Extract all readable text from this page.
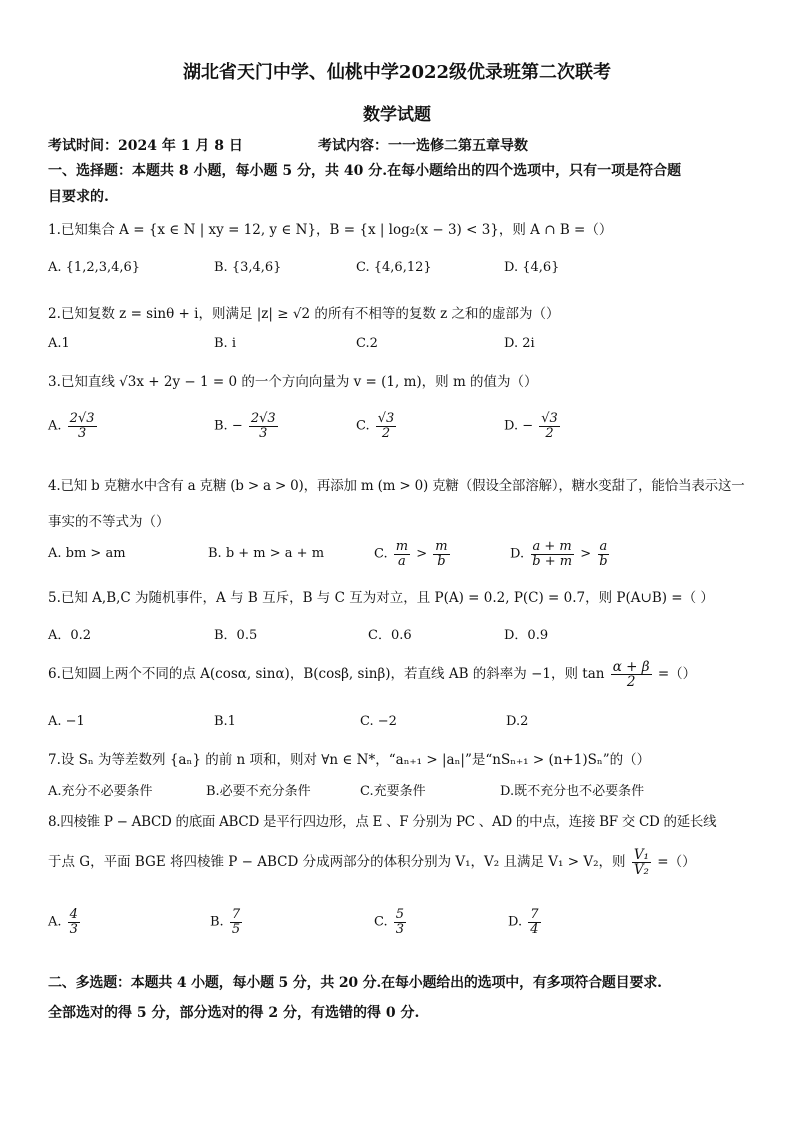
湖北省天门中学、仙桃中学2022级优录班第二次联考
数学试题
考试时间：2024 年 1 月 8 日	考试内容：一一选修二第五章导数
一、选择题：本题共 8 小题，每小题 5 分，共 40 分.在每小题给出的四个选项中，只有一项是符合题
目要求的.
1.已知集合 A = {x ∈ N | xy = 12, y ∈ N}，B = {x | log₂(x − 3) < 3}，则 A ∩ B =（）
A. {1,2,3,4,6}	B. {3,4,6}	C. {4,6,12}	D. {4,6}
2.已知复数 z = sinθ + i，则满足 |z| ≥ √2 的所有不相等的复数 z 之和的虚部为（）
A.1	B. i	C.2	D. 2i
3.已知直线 √3x + 2y − 1 = 0 的一个方向向量为 v = (1, m)，则 m 的值为（）
A. $\frac{2√3}{3}$	B. − $\frac{2√3}{3}$	C. $\frac{√3}{2}$	D. − $\frac{√3}{2}$
4.已知 b 克糖水中含有 a 克糖 (b > a > 0)，再添加 m (m > 0) 克糖（假设全部溶解），糖水变甜了，能恰当表示这一
事实的不等式为（）
A. bm > am	B. b + m > a + m	C. $\frac{m}{a} > \frac{m}{b}$	D. $\frac{a + m}{b + m} > \frac{a}{b}$
5.已知 A,B,C 为随机事件，A 与 B 互斥，B 与 C 互为对立，且 P(A) = 0.2, P(C) = 0.7，则 P(A∪B) =（ ）
A．0.2	B．0.5	C．0.6	D．0.9
6.已知圆上两个不同的点 A(cosα, sinα)，B(cosβ, sinβ)，若直线 AB 的斜率为 −1，则 $\tan \frac{\alpha + \beta}{2}$ =（）
A. −1	B.1	C. −2	D.2
7.设 Sₙ 为等差数列 {aₙ} 的前 n 项和，则对 ∀n ∈ N*，“aₙ₊₁ > |aₙ|”是“nSₙ₊₁ > (n+1)Sₙ”的（）
A.充分不必要条件	B.必要不充分条件	C.充要条件	D.既不充分也不必要条件
8.四棱锥 P − ABCD 的底面 ABCD 是平行四边形，点 E 、F 分别为 PC 、AD 的中点，连接 BF 交 CD 的延长线
于点 G，平面 BGE 将四棱锥 P − ABCD 分成两部分的体积分别为 V₁，V₂ 且满足 V₁ > V₂，则 $\frac{\text{V₁}}{\text{V₂}}$ =（）
A. $\frac{4}{3}$	B. $\frac{7}{5}$	C. $\frac{5}{3}$	D. $\frac{7}{4}$
二、多选题：本题共 4 小题，每小题 5 分，共 20 分.在每小题给出的选项中，有多项符合题目要求.
全部选对的得 5 分，部分选对的得 2 分，有选错的得 0 分.
